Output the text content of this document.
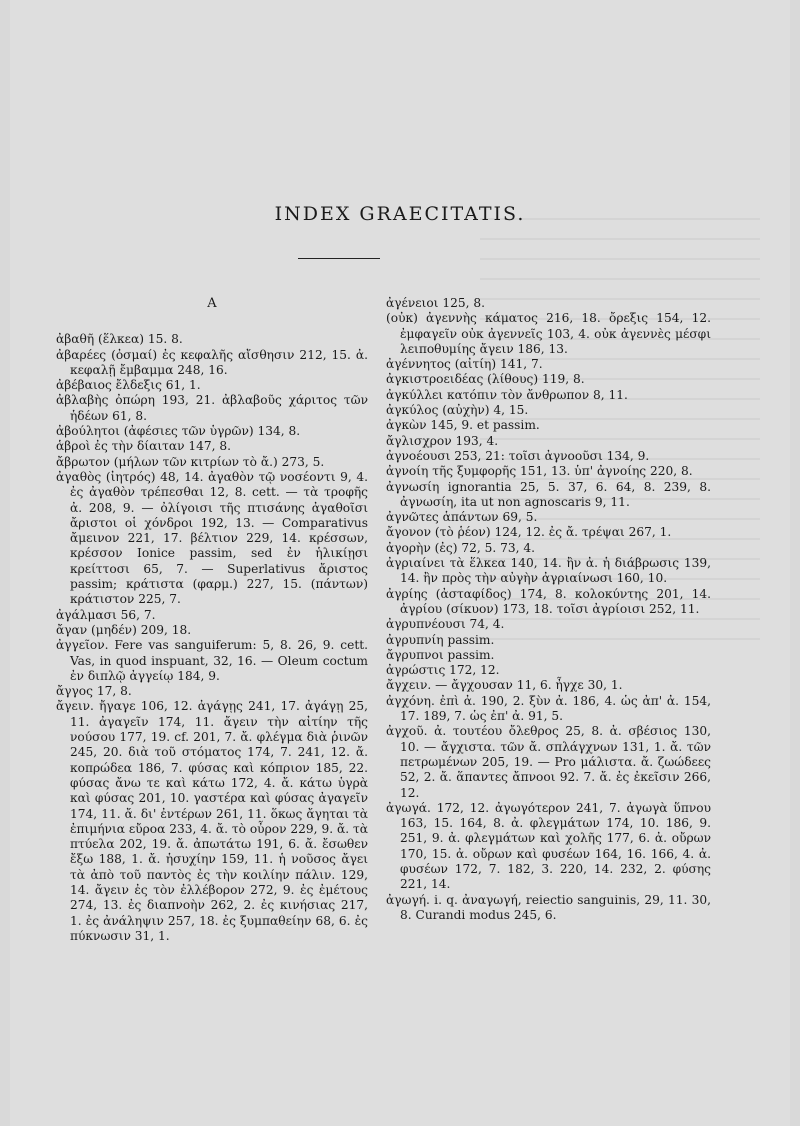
INDEX GRAECITATIS.
A

ἀβαθῆ (ἕλκεα) 15. 8.

ἀβαρέες (ὀσμαί) ἐς κεφαλῆς αἴσθησιν 212, 15. ἀ. κεφαλῇ ἔμβαμμα 248, 16.

ἀβέβαιος ἔλδεξις 61, 1.

ἀβλαβὴς ὀπώρη 193, 21. ἀβλαβοῦς χάριτος τῶν ἡδέων 61, 8.

ἀβούλητοι (ἀφέσιες τῶν ὑγρῶν) 134, 8.

ἁβροὶ ἐς τὴν δίαιταν 147, 8.

ἄβρωτον (μήλων τῶν κιτρίων τὸ ἄ.) 273, 5.

ἀγαθὸς (ἰητρός) 48, 14. ἀγαθὸν τῷ νοσέοντι 9, 4. ἐς ἀγαθὸν τρέπεσθαι 12, 8. cett. — τὰ τροφῆς ἀ. 208, 9. — ὀλίγοισι τῆς πτισάνης ἀγαθοῖσι ἄριστοι οἱ χόνδροι 192, 13. — Comparativus ἄμεινον 221, 17. βέλτιον 229, 14. κρέσσων, κρέσσον Ionice passim, sed ἐν ἡλικίῃσι κρείττοσι 65, 7. — Superlativus ἄριστος passim; κράτιστα (φαρμ.) 227, 15. (πάντων) κράτιστον 225, 7.

ἀγάλμασι 56, 7.

ἄγαν (μηδέν) 209, 18.

ἀγγεῖον. Fere vas sanguiferum: 5, 8. 26, 9. cett. Vas, in quod inspuant, 32, 16. — Oleum coctum ἐν διπλῷ ἀγγείῳ 184, 9.

ἄγγος 17, 8.

ἄγειν. ἤγαγε 106, 12. ἀγάγῃς 241, 17. ἀγάγῃ 25, 11. ἀγαγεῖν 174, 11. ἄγειν τὴν αἰτίην τῆς νούσου 177, 19. cf. 201, 7. ἄ. φλέγμα διὰ ῥινῶν 245, 20. διὰ τοῦ στόματος 174, 7. 241, 12. ἄ. κοπρώδεα 186, 7. φύσας καὶ κόπριον 185, 22. φύσας ἄνω τε καὶ κάτω 172, 4. ἄ. κάτω ὑγρὰ καὶ φύσας 201, 10. γαστέρα καὶ φύσας ἀγαγεῖν 174, 11. ἄ. δι' ἐντέρων 261, 11. ὅκως ἄγηται τὰ ἐπιμήνια εὔροα 233, 4. ἄ. τὸ οὖρον 229, 9. ἄ. τὰ πτύελα 202, 19. ἄ. ἀπωτάτω 191, 6. ἄ. ἔσωθεν ἔξω 188, 1. ἄ. ἡσυχίην 159, 11. ἡ νοῦσος ἄγει τὰ ἀπὸ τοῦ παντὸς ἐς τὴν κοιλίην πάλιν. 129, 14. ἄγειν ἐς τὸν ἐλλέβορον 272, 9. ἐς ἐμέτους 274, 13. ἐς διαπνοὴν 262, 2. ἐς κινήσιας 217, 1. ἐς ἀνάληψιν 257, 18. ἐς ξυμπαθείην 68, 6. ἐς πύκνωσιν 31, 1.

ἀγένειοι 125, 8.

(οὐκ) ἀγεννὴς κάματος 216, 18. ὄρεξις 154, 12. ἐμφαγεῖν οὐκ ἀγεννεῖς 103, 4. οὐκ ἀγεννὲς μέσφι λειποθυμίης ἄγειν 186, 13.

ἀγέννητος (αἰτίη) 141, 7.

ἀγκιστροειδέας (λίθους) 119, 8.

ἀγκύλλει κατόπιν τὸν ἄνθρωπον 8, 11.

ἀγκύλος (αὐχὴν) 4, 15.

ἀγκὼν 145, 9. et passim.

ἄγλισχρον 193, 4.

ἀγνοέουσι 253, 21: τοῖσι ἀγνοοῦσι 134, 9.

ἀγνοίη τῆς ξυμφορῆς 151, 13. ὑπ' ἀγνοίης 220, 8.

ἀγνωσίη ignorantia 25, 5. 37, 6. 64, 8. 239, 8. ἀγνωσίη, ita ut non agnoscaris 9, 11.

ἀγνῶτες ἁπάντων 69, 5.

ἄγονον (τὸ ῥέον) 124, 12. ἐς ἄ. τρέψαι 267, 1.

ἀγορὴν (ἐς) 72, 5. 73, 4.

ἀγριαίνει τὰ ἕλκεα 140, 14. ἢν ἀ. ἡ διάβρωσις 139, 14. ἢν πρὸς τὴν αὐγὴν ἀγριαίνωσι 160, 10.

ἀγρίης (ἀσταφίδος) 174, 8. κολοκύντης 201, 14. ἀγρίου (σίκυον) 173, 18. τοῖσι ἀγρίοισι 252, 11.

ἀγρυπνέουσι 74, 4.

ἀγρυπνίη passim.

ἄγρυπνοι passim.

ἀγρώστις 172, 12.

ἄγχειν. — ἄγχουσαν 11, 6. ἦγχε 30, 1.

ἀγχόνη. ἐπὶ ἀ. 190, 2. ξὺν ἀ. 186, 4. ὡς ἀπ' ἀ. 154, 17. 189, 7. ὡς ἐπ' ἀ. 91, 5.

ἀγχοῦ. ἀ. τουτέου ὄλεθρος 25, 8. ἀ. σβέσιος 130, 10. — ἄγχιστα. τῶν ἄ. σπλάγχνων 131, 1. ἄ. τῶν πετρωμένων 205, 19. — Pro μάλιστα. ἄ. ζωώδεες 52, 2. ἄ. ἅπαντες ἄπνοοι 92. 7. ἄ. ἐς ἐκεῖσιν 266, 12.

ἀγωγά. 172, 12. ἀγωγότερον 241, 7. ἀγωγὰ ὕπνου 163, 15. 164, 8. ἀ. φλεγμάτων 174, 10. 186, 9. 251, 9. ἀ. φλεγμάτων καὶ χολῆς 177, 6. ἀ. οὔρων 170, 15. ἀ. οὔρων καὶ φυσέων 164, 16. 166, 4. ἀ. φυσέων 172, 7. 182, 3. 220, 14. 232, 2. φύσης 221, 14.

ἀγωγή. i. q. ἀναγωγή, reiectio sanguinis, 29, 11. 30, 8. Curandi modus 245, 6.
